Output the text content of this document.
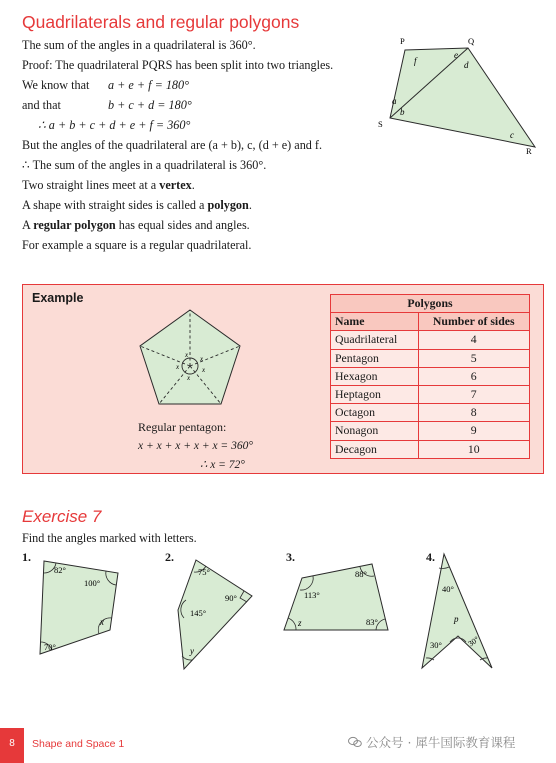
Quadrilaterals and regular polygons
The sum of the angles in a quadrilateral is 360°.
Proof: The quadrilateral PQRS has been split into two triangles.
We know that a + e + f = 180°
and that	b + c + d = 180°
∴ a + b + c + d + e + f = 360°
But the angles of the quadrilateral are (a + b), c, (d + e) and f.
∴ The sum of the angles in a quadrilateral is 360°.
Two straight lines meet at a vertex.
A shape with straight sides is called a polygon.
A regular polygon has equal sides and angles.
For example a square is a regular quadrilateral.
P	Q
R
S
a
b
c
d
e
f
Example
x x
x	x
x
Regular pentagon:
x + x + x + x + x = 360°
∴ x = 72°
Polygons	
Name	Number of sides
Quadrilateral	4
Pentagon	5
Hexagon	6
Heptagon	7
Octagon	8
Nonagon	9
Decagon	10
Exercise 7
Find the angles marked with letters.
1.
82°
100°
x
70°
2.
75°
90°
145°
y
3.
88°
113°
z	83°
4.
40°
p
30°	30°
8	Shape and Space 1	公众号 · 犀牛国际教育课程
